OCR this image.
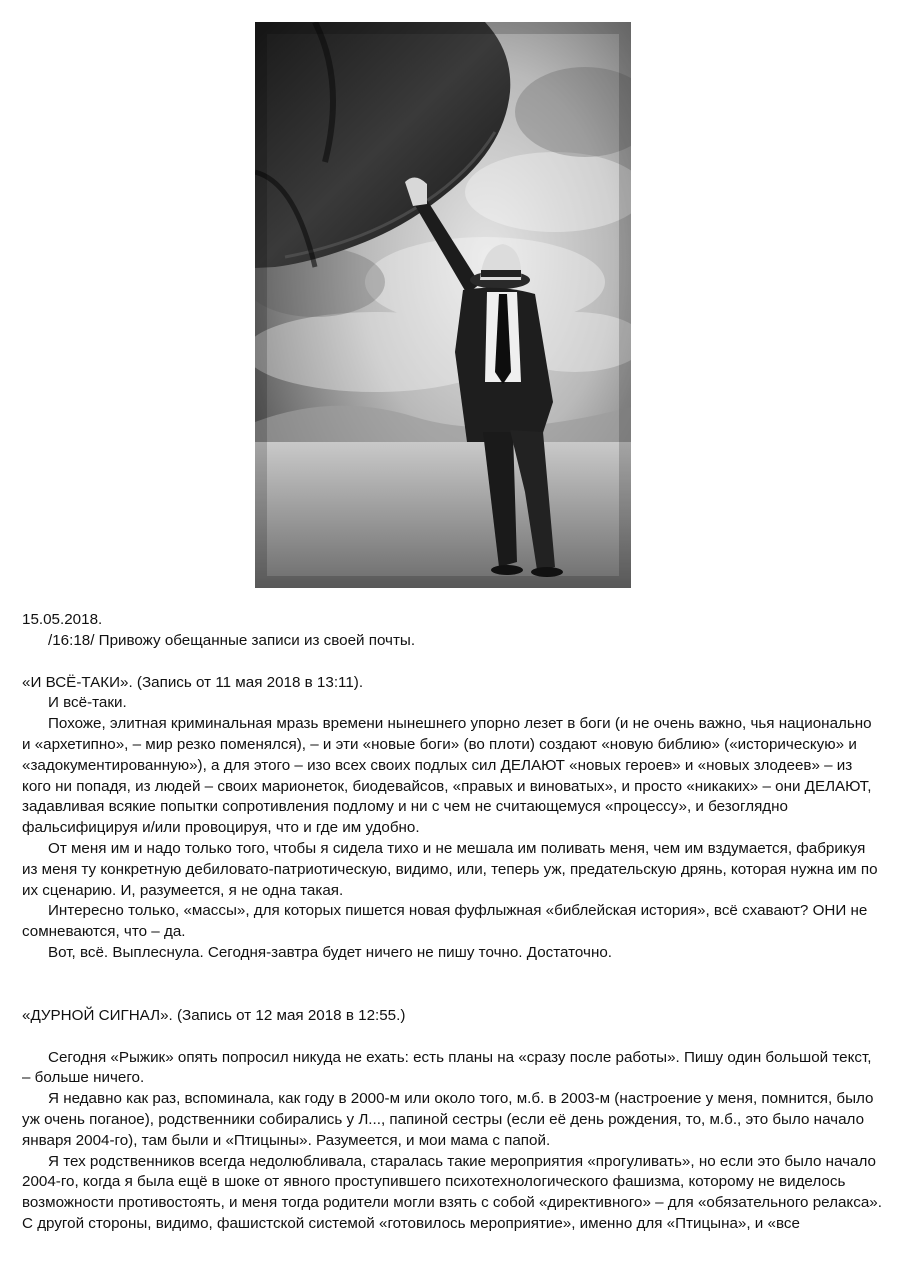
15.05.2018.

/16:18/ Привожу обещанные записи из своей почты.

«И ВСЁ-ТАКИ». (Запись от 11 мая 2018 в 13:11).

И всё-таки.

Похоже, элитная криминальная мразь времени нынешнего упорно лезет в боги (и не очень важно, чья национально и «архетипно», – мир резко поменялся), – и эти «новые боги» (во плоти) создают «новую библию» («историческую» и «задокументированную»), а для этого – изо всех своих подлых сил ДЕЛАЮТ «новых героев» и «новых злодеев» – из кого ни попадя, из людей – своих марионеток, биодевайсов, «правых и виноватых», и просто «никаких» – они ДЕЛАЮТ, задавливая всякие попытки сопротивления подлому и ни с чем не считающемуся «процессу», и безоглядно фальсифицируя и/или провоцируя, что и где им удобно.

От меня им и надо только того, чтобы я сидела тихо и не мешала им поливать меня, чем им вздумается, фабрикуя из меня ту конкретную дебиловато-патриотическую, видимо, или, теперь уж, предательскую дрянь, которая нужна им по их сценарию. И, разумеется, я не одна такая.

Интересно только, «массы», для которых пишется новая фуфлыжная «библейская история», всё схавают? ОНИ не сомневаются, что – да.

Вот, всё. Выплеснула. Сегодня-завтра будет ничего не пишу точно. Достаточно.

«ДУРНОЙ СИГНАЛ». (Запись от 12 мая 2018 в 12:55.)

Сегодня «Рыжик» опять попросил никуда не ехать: есть планы на «сразу после работы». Пишу один большой текст, – больше ничего.

Я недавно как раз, вспоминала, как году в 2000-м или около того, м.б. в 2003-м (настроение у меня, помнится, было уж очень поганое), родственники собирались у Л..., папиной сестры (если её день рождения, то, м.б., это было начало января 2004-го), там были и «Птицыны». Разумеется, и мои мама с папой.

Я тех родственников всегда недолюбливала, старалась такие мероприятия «прогуливать», но если это было начало 2004-го, когда я была ещё в шоке от явного проступившего психотехнологического фашизма, которому не виделось возможности противостоять, и меня тогда родители могли взять с собой «директивного» – для «обязательного релакса». С другой стороны, видимо, фашистской системой «готовилось мероприятие», именно для «Птицына», и «все
